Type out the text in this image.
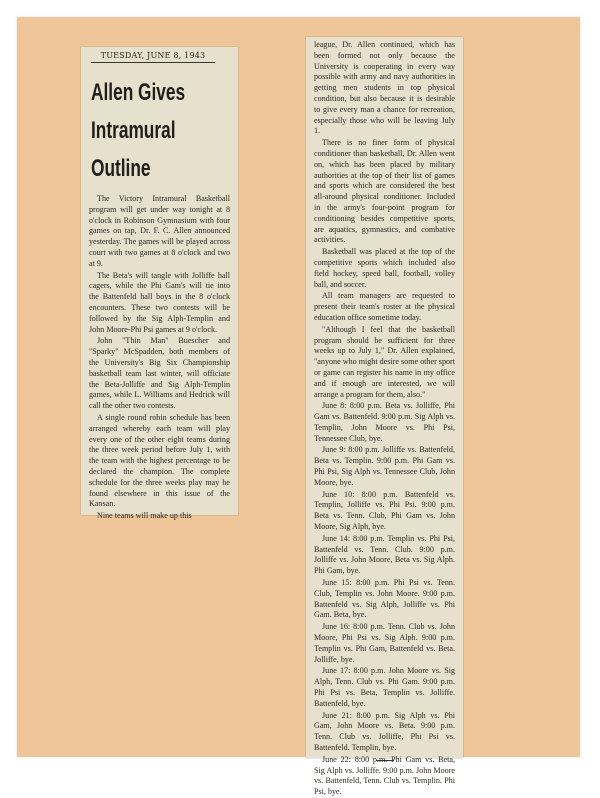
TUESDAY, JUNE 8, 1943
Allen Gives
Intramural
Outline

The Victory Intramural Basketball program will get under way tonight at 8 o'clock in Robinson Gymnasium with four games on tap, Dr. F. C. Allen announced yesterday. The games will be played across court with two games at 8 o'clock and two at 9.

The Beta's will tangle with Jolliffe hall cagers, while the Phi Gam's will tie into the Battenfeld hall boys in the 8 o'clock encounters. These two contests will be followed by the Sig Alph-Templin and John Moore-Phi Psi games at 9 o'clock.

John "Thin Man" Buescher and "Sparky" McSpadden, both members of the University's Big Six Championship basketball team last winter, will officiate the Beta-Jolliffe and Sig Alph-Templin games, while L. Williams and Hedrick will call the other two contests.

A single round robin schedule has been arranged whereby each team will play every one of the other eight teams during the three week period before July 1, with the team with the highest percentage to be declared the champion. The complete schedule for the three weeks play may be found elsewhere in this issue of the Kansan.

Nine teams will make up this

league, Dr. Allen continued, which has been formed not only because the University is cooperating in every way possible with army and navy authorities in getting men students in top physical condition, but also because it is desirable to give every man a chance for recreation, especially those who will be leaving July 1.

There is no finer form of physical conditioner than basketball, Dr. Allen went on, which has been placed by military authorities at the top of their list of games and sports which are considered the best all-around physical conditioner. Included in the army's four-point program for conditioning besides competitive sports, are aquatics, gymnastics, and combative activities.

Basketball was placed at the top of the competitive sports which included also field hockey, speed ball, football, volley ball, and soccer.

All team managers are requested to present their team's roster at the physical education office sometime today.

"Although I feel that the basketball program should be sufficient for three weeks up to July 1," Dr. Allen explained, "anyone who might desire some other sport or game can register his name in my office and if enough are interested, we will arrange a program for them, also."

June 8: 8:00 p.m. Beta vs. Jolliffe, Phi Gam vs. Battenfeld. 9:00 p.m. Sig Alph vs. Templin, John Moore vs. Phi Psi, Tennessee Club, bye.

June 9: 8:00 p.m. Jolliffe vs. Battenfeld, Beta vs. Templin. 9:00 p.m. Phi Gam vs. Phi Psi, Sig Alph vs. Tennessee Club, John Moore, bye.

June 10: 8:00 p.m. Battenfeld vs. Templin, Jolliffe vs. Phi Psi. 9:00 p.m. Beta vs. Tenn. Club, Phi Gam vs. John Moore, Sig Alph, bye.

June 14: 8:00 p.m. Templin vs. Phi Psi, Battenfeld vs. Tenn. Club. 9:00 p.m. Jolliffe vs. John Moore, Beta vs. Sig Alph. Phi Gam, bye.

June 15: 8:00 p.m. Phi Psi vs. Tenn. Club, Templin vs. John Moore. 9:00 p.m. Battenfeld vs. Sig Alph, Jolliffe vs. Phi Gam. Beta, bye.

June 16: 8:00 p.m. Tenn. Club vs. John Moore, Phi Psi vs. Sig Alph. 9:00 p.m. Templin vs. Phi Gam, Battenfeld vs. Beta. Jolliffe, bye.

June 17: 8:00 p.m. John Moore vs. Sig Alph, Tenn. Club vs. Phi Gam. 9:00 p.m. Phi Psi vs. Beta, Templin vs. Jolliffe. Battenfeld, bye.

June 21: 8:00 p.m. Sig Alph vs. Phi Gam, John Moore vs. Beta. 9:00 p.m. Tenn. Club vs. Jolliffe, Phi Psi vs. Battenfeld. Templin, bye.

June 22: 8:00 p.m. Phi Gam vs. Beta, Sig Alph vs. Jolliffe. 9:00 p.m. John Moore vs. Battenfeld, Tenn. Club vs. Templin. Phi Psi, bye.
